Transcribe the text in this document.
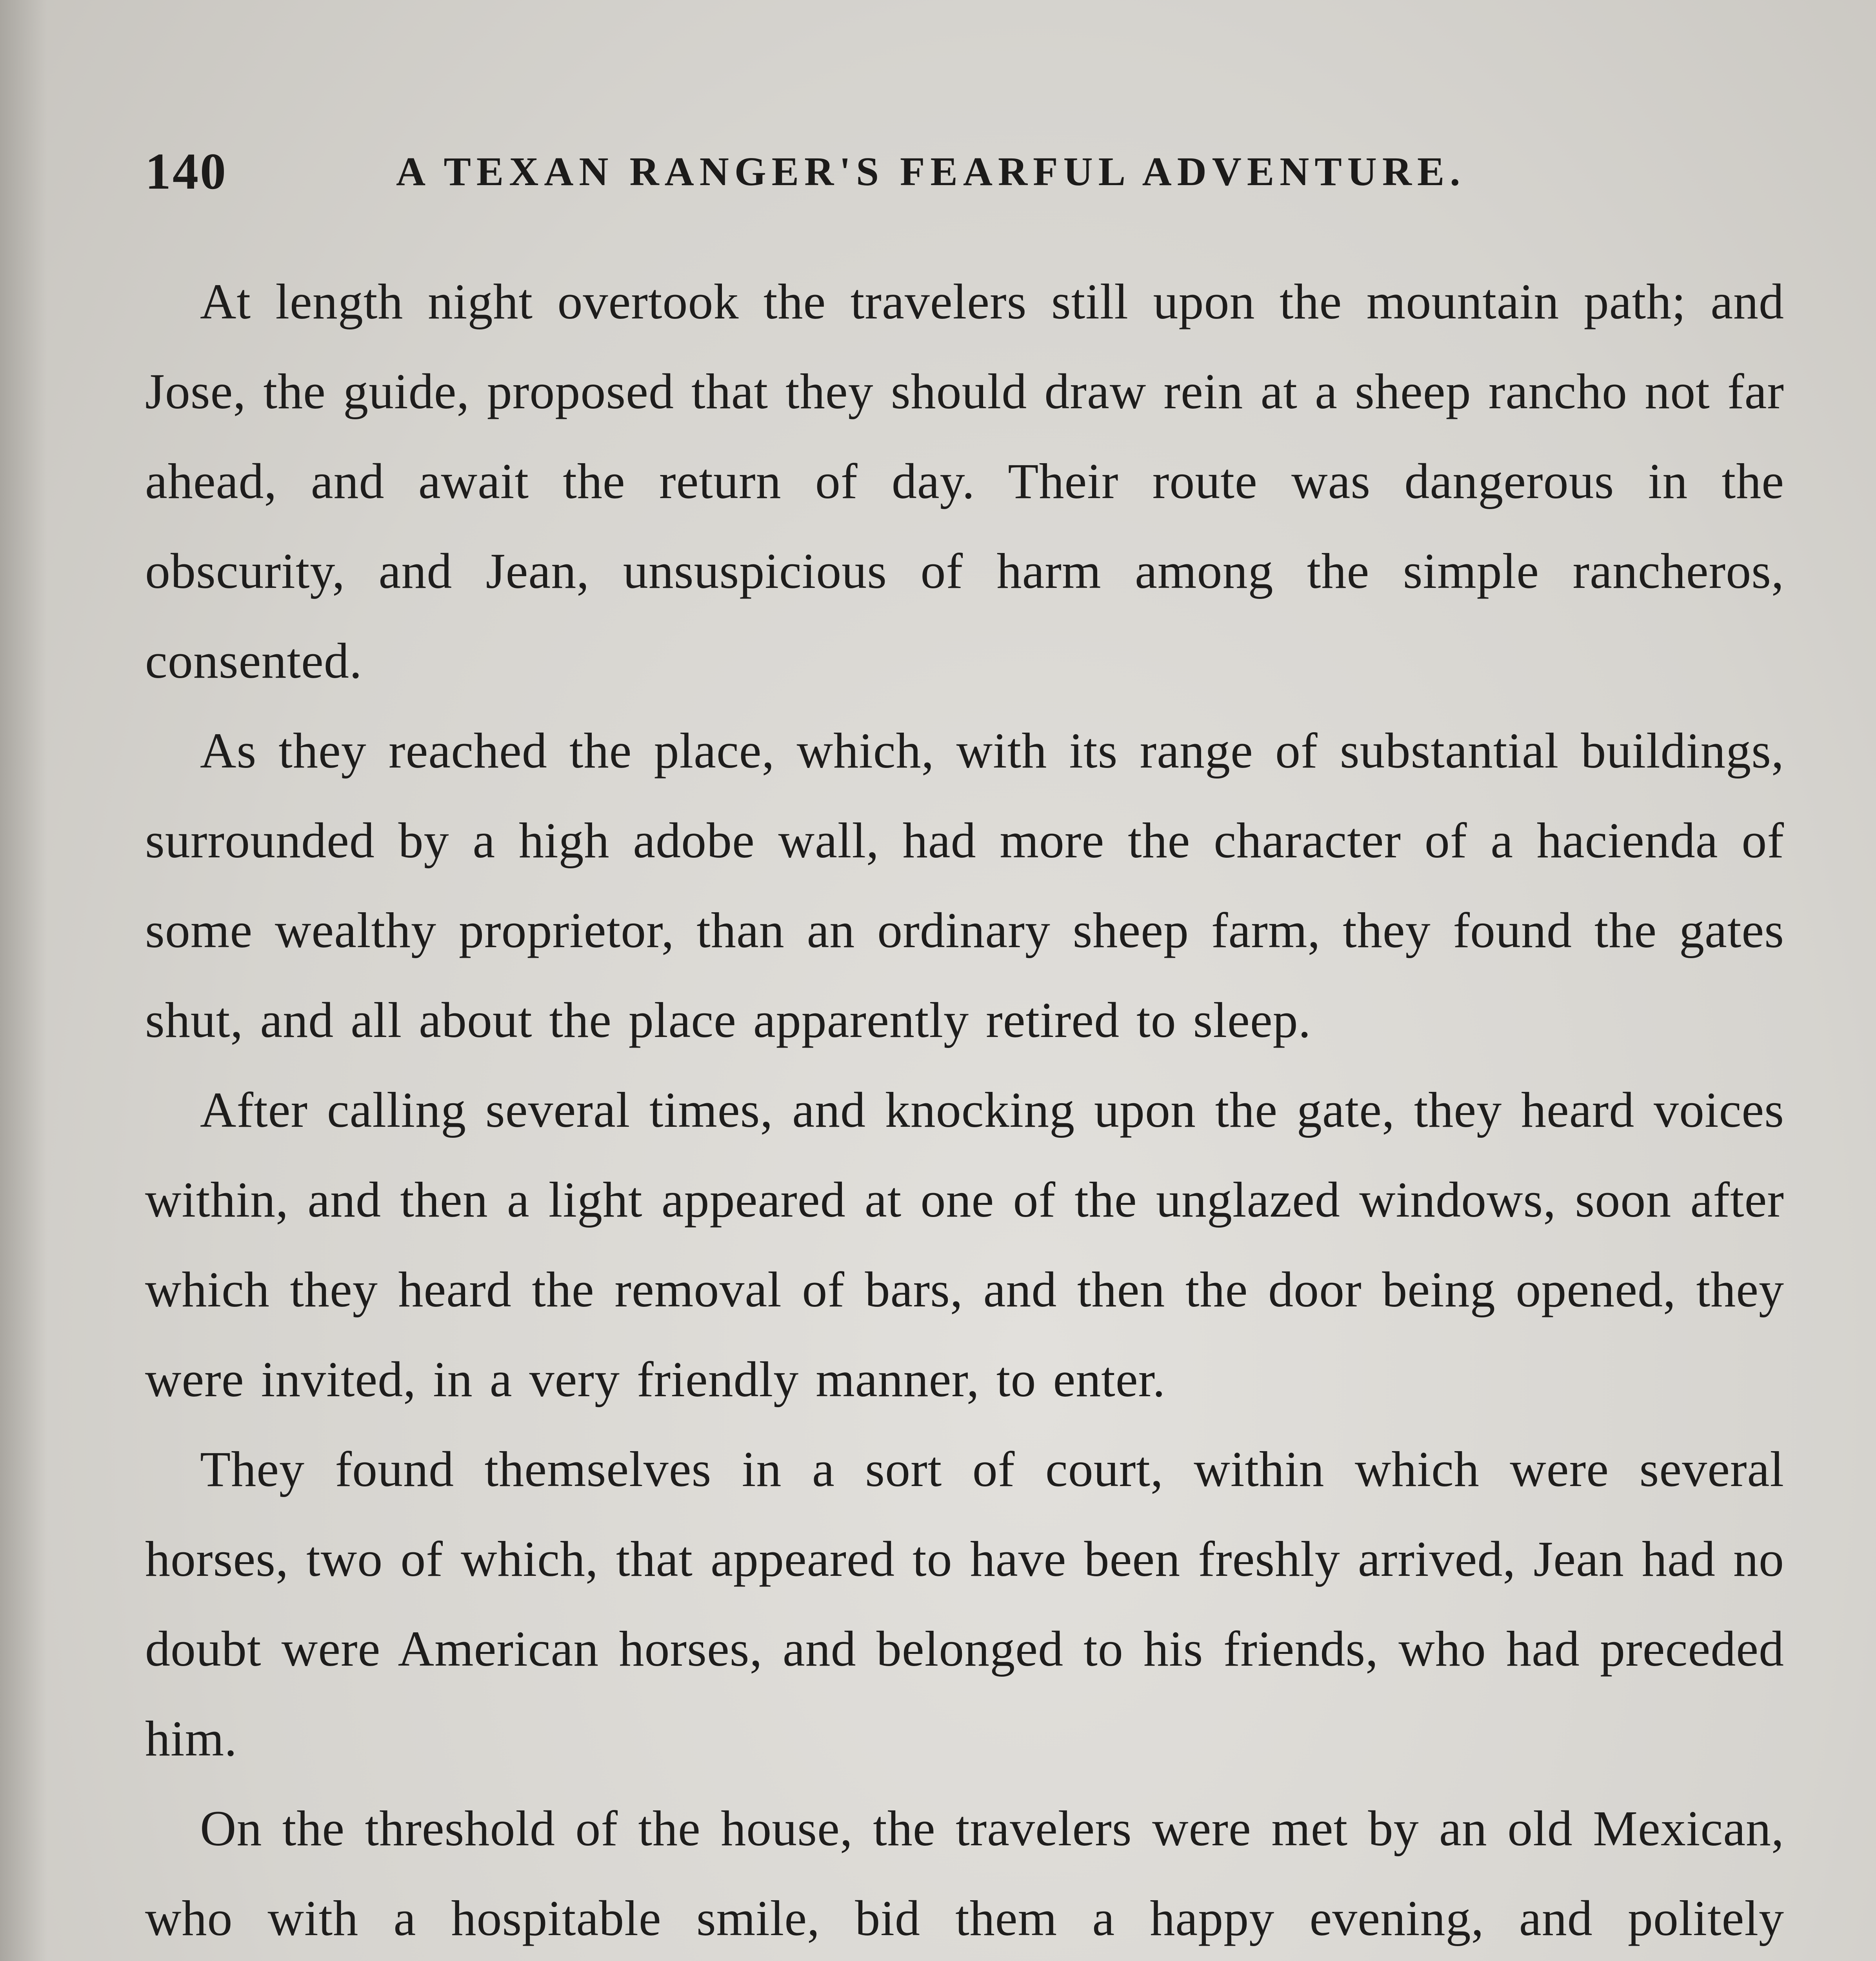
140	A TEXAN RANGER'S FEARFUL ADVENTURE.

At length night overtook the travelers still upon the mountain path; and Jose, the guide, proposed that they should draw rein at a sheep rancho not far ahead, and await the return of day. Their route was dangerous in the obscurity, and Jean, unsuspicious of harm among the simple rancheros, consented.

As they reached the place, which, with its range of substantial buildings, surrounded by a high adobe wall, had more the character of a hacienda of some wealthy proprietor, than an ordinary sheep farm, they found the gates shut, and all about the place apparently retired to sleep.

After calling several times, and knocking upon the gate, they heard voices within, and then a light appeared at one of the unglazed windows, soon after which they heard the removal of bars, and then the door being opened, they were invited, in a very friendly manner, to enter.

They found themselves in a sort of court, within which were several horses, two of which, that appeared to have been freshly arrived, Jean had no doubt were American horses, and belonged to his friends, who had preceded him.

On the threshold of the house, the travelers were met by an old Mexican, who with a hospitable smile, bid them a happy evening, and politely
